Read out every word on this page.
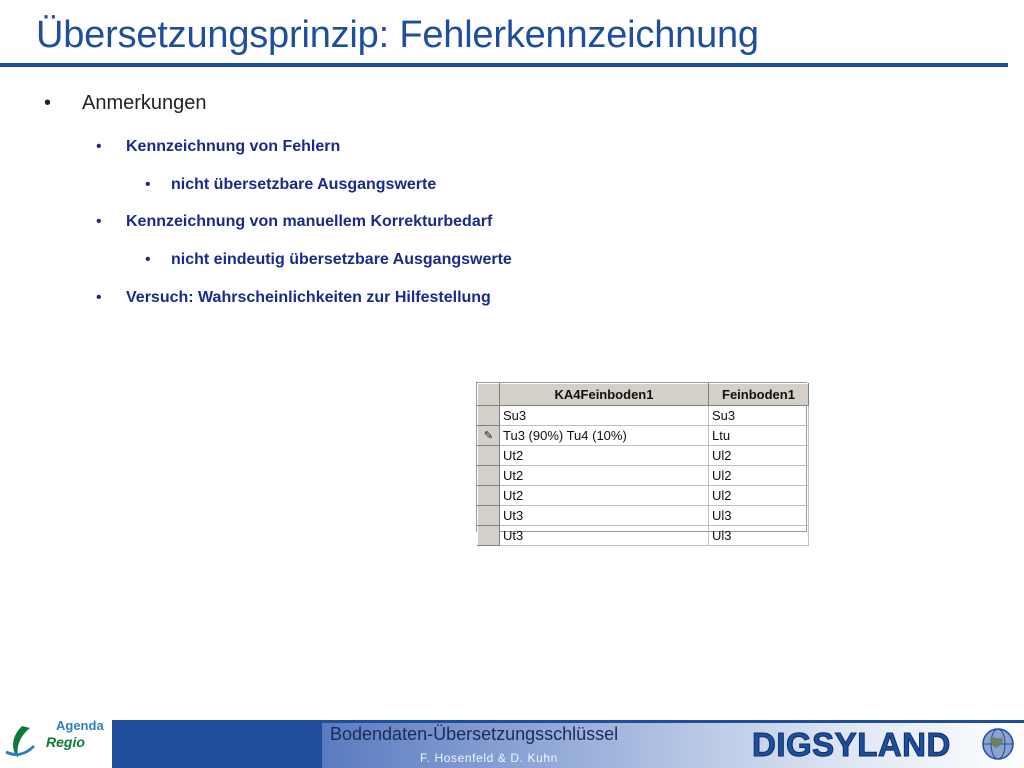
Übersetzungsprinzip: Fehlerkennzeichnung
• Anmerkungen
• Kennzeichnung von Fehlern
• nicht übersetzbare Ausgangswerte
• Kennzeichnung von manuellem Korrekturbedarf
• nicht eindeutig übersetzbare Ausgangswerte
• Versuch: Wahrscheinlichkeiten zur Hilfestellung
	KA4Feinboden1	Feinboden1
	Su3	Su3
✎	Tu3 (90%) Tu4 (10%)	Ltu
	Ut2	Ul2
	Ut2	Ul2
	Ut2	Ul2
	Ut3	Ul3
	Ut3	Ul3
Agenda
Regio	Bodendaten-Übersetzungsschlüssel
F. Hosenfeld & D. Kuhn	DIGSYLAND
